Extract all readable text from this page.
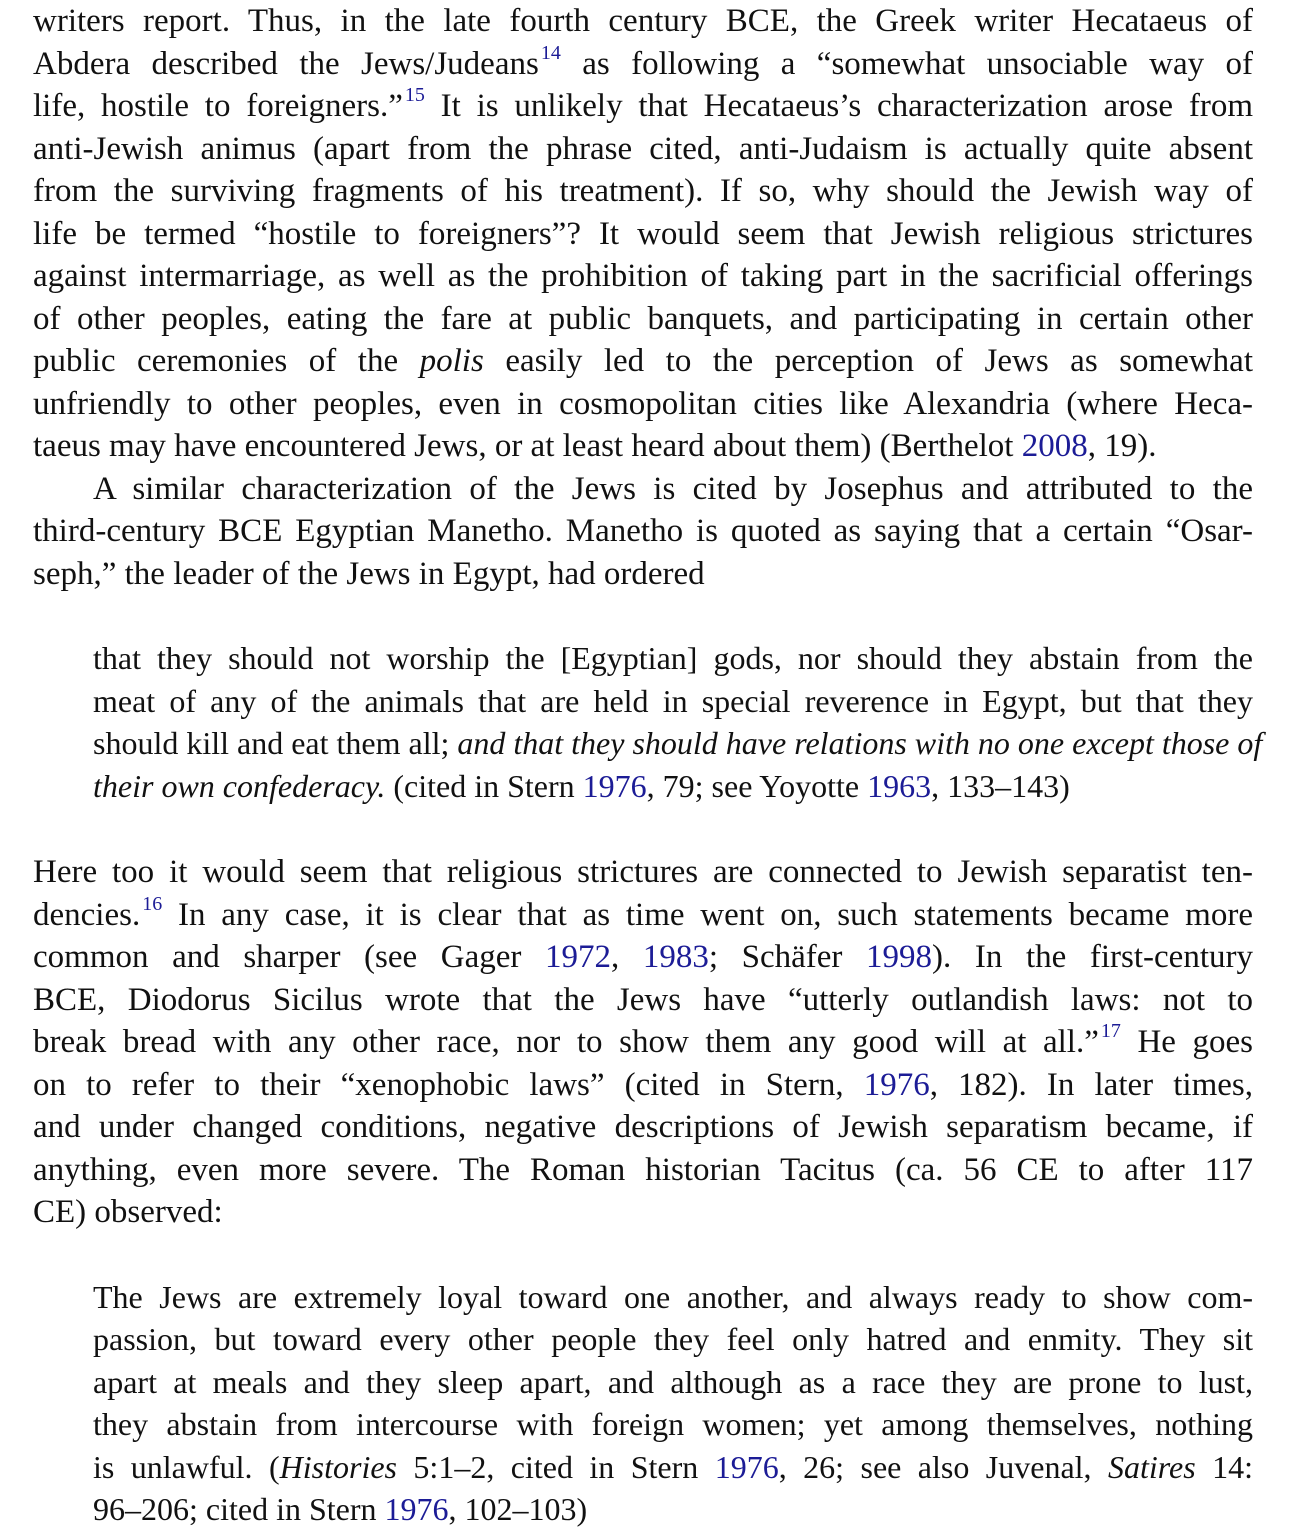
writers report. Thus, in the late fourth century BCE, the Greek writer Hecataeus of
Abdera described the Jews/Judeans $^{14}$ as following a “somewhat unsociable way of
life, hostile to foreigners.” $^{15}$ It is unlikely that Hecataeus’s characterization arose from
anti-Jewish animus (apart from the phrase cited, anti-Judaism is actually quite absent
from the surviving fragments of his treatment). If so, why should the Jewish way of
life be termed “hostile to foreigners”? It would seem that Jewish religious strictures
against intermarriage, as well as the prohibition of taking part in the sacrificial offerings
of other peoples, eating the fare at public banquets, and participating in certain other
public ceremonies of the polis easily led to the perception of Jews as somewhat
unfriendly to other peoples, even in cosmopolitan cities like Alexandria (where Heca-
taeus may have encountered Jews, or at least heard about them) (Berthelot 2008, 19).
A similar characterization of the Jews is cited by Josephus and attributed to the
third-century BCE Egyptian Manetho. Manetho is quoted as saying that a certain “Osar-
seph,” the leader of the Jews in Egypt, had ordered
that they should not worship the [Egyptian] gods, nor should they abstain from the
meat of any of the animals that are held in special reverence in Egypt, but that they
should kill and eat them all; and that they should have relations with no one except those of
their own confederacy. (cited in Stern 1976, 79; see Yoyotte 1963, 133–143)
Here too it would seem that religious strictures are connected to Jewish separatist ten-
dencies. $^{16}$ In any case, it is clear that as time went on, such statements became more
common and sharper (see Gager 1972, 1983; Schäfer 1998). In the first-century
BCE, Diodorus Sicilus wrote that the Jews have “utterly outlandish laws: not to
break bread with any other race, nor to show them any good will at all.” $^{17}$ He goes
on to refer to their “xenophobic laws” (cited in Stern, 1976, 182). In later times,
and under changed conditions, negative descriptions of Jewish separatism became, if
anything, even more severe. The Roman historian Tacitus (ca. 56 CE to after 117
CE) observed:
The Jews are extremely loyal toward one another, and always ready to show com-
passion, but toward every other people they feel only hatred and enmity. They sit
apart at meals and they sleep apart, and although as a race they are prone to lust,
they abstain from intercourse with foreign women; yet among themselves, nothing
is unlawful. (Histories 5:1–2, cited in Stern 1976, 26; see also Juvenal, Satires 14:
96–206; cited in Stern 1976, 102–103)
